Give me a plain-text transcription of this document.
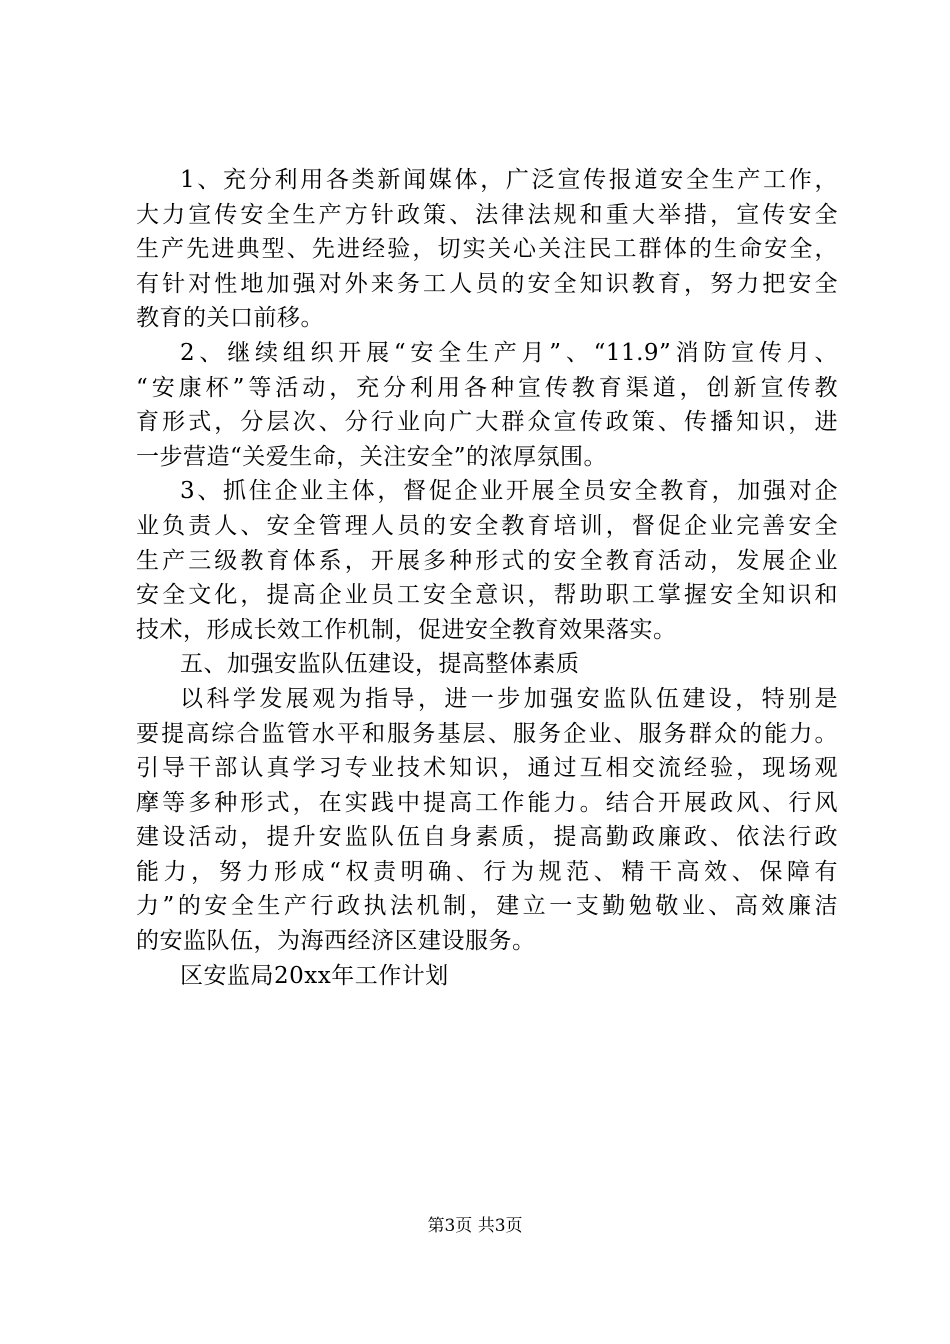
1、充分利用各类新闻媒体，广泛宣传报道安全生产工作，
大力宣传安全生产方针政策、法律法规和重大举措，宣传安全
生产先进典型、先进经验，切实关心关注民工群体的生命安全，
有针对性地加强对外来务工人员的安全知识教育，努力把安全
教育的关口前移。
2、继续组织开展“安全生产月”、“11.9”消防宣传月、
“安康杯”等活动，充分利用各种宣传教育渠道，创新宣传教
育形式，分层次、分行业向广大群众宣传政策、传播知识，进
一步营造“关爱生命，关注安全”的浓厚氛围。
3、抓住企业主体，督促企业开展全员安全教育，加强对企
业负责人、安全管理人员的安全教育培训，督促企业完善安全
生产三级教育体系，开展多种形式的安全教育活动，发展企业
安全文化，提高企业员工安全意识，帮助职工掌握安全知识和
技术，形成长效工作机制，促进安全教育效果落实。
五、加强安监队伍建设，提高整体素质
以科学发展观为指导，进一步加强安监队伍建设，特别是
要提高综合监管水平和服务基层、服务企业、服务群众的能力。
引导干部认真学习专业技术知识，通过互相交流经验，现场观
摩等多种形式，在实践中提高工作能力。结合开展政风、行风
建设活动，提升安监队伍自身素质，提高勤政廉政、依法行政
能力，努力形成“权责明确、行为规范、精干高效、保障有
力”的安全生产行政执法机制，建立一支勤勉敬业、高效廉洁
的安监队伍，为海西经济区建设服务。
区安监局20xx年工作计划
第3页 共3页
